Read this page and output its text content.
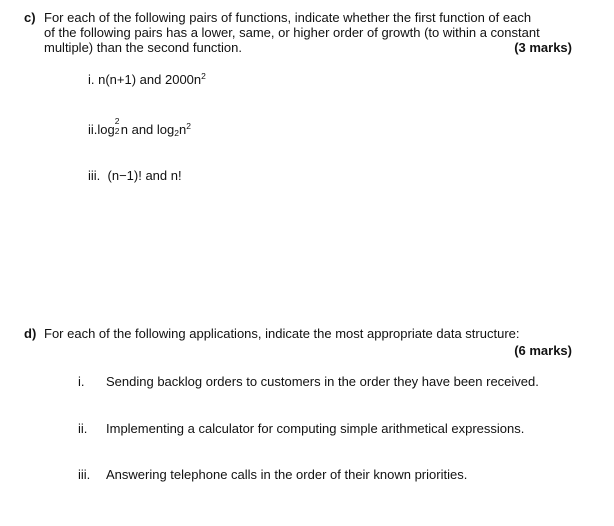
c) For each of the following pairs of functions, indicate whether the first function of each
of the following pairs has a lower, same, or higher order of growth (to within a constant
multiple) than the second function.	(3 marks)
i. n(n+1) and $2000n^2$
ii.log
2
2 n and $\log_2n^2$
iii. (n−1)! and n!
d) For each of the following applications, indicate the most appropriate data structure:
(6 marks)
i. Sending backlog orders to customers in the order they have been received.
ii. Implementing a calculator for computing simple arithmetical expressions.
iii. Answering telephone calls in the order of their known priorities.
